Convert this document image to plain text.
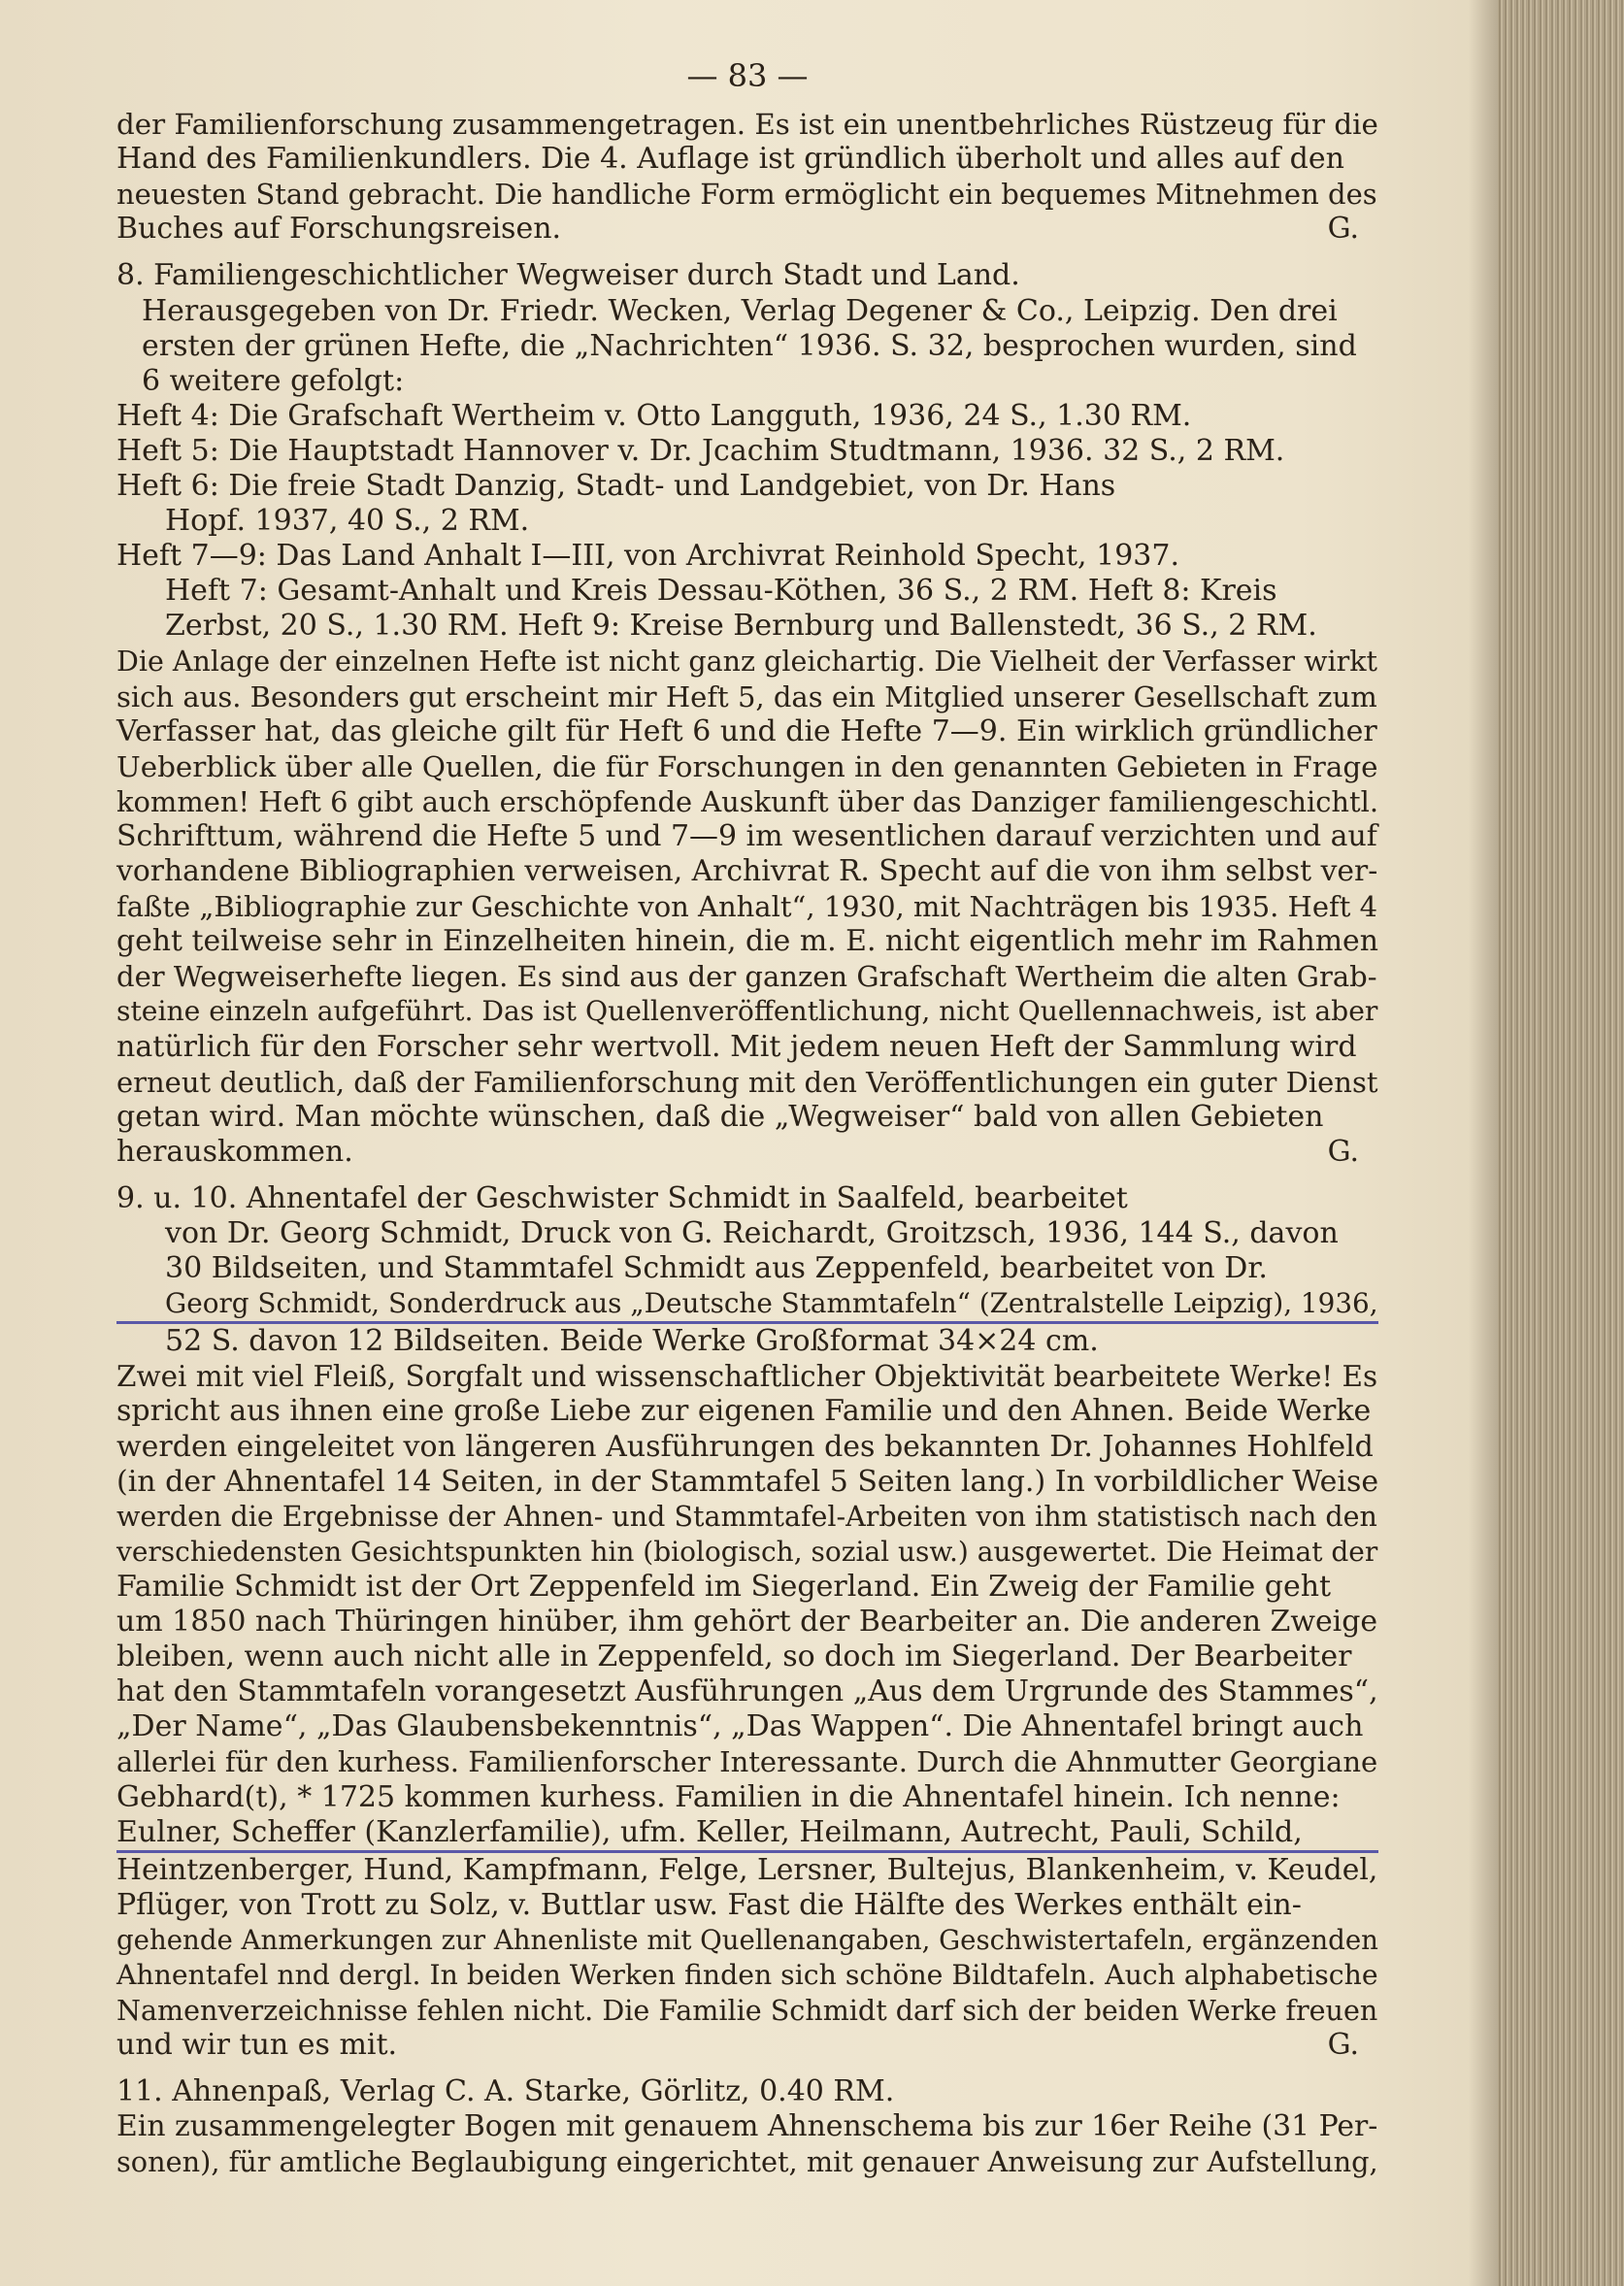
— 83 —
der Familienforschung zusammengetragen. Es ist ein unentbehrliches Rüstzeug für die
Hand des Familienkundlers. Die 4. Auflage ist gründlich überholt und alles auf den
neuesten Stand gebracht. Die handliche Form ermöglicht ein bequemes Mitnehmen des
Buches auf Forschungsreisen.	G.
8. Familiengeschichtlicher Wegweiser durch Stadt und Land.
Herausgegeben von Dr. Friedr. Wecken, Verlag Degener & Co., Leipzig. Den drei
ersten der grünen Hefte, die „Nachrichten“ 1936. S. 32, besprochen wurden, sind
6 weitere gefolgt:
Heft 4: Die Grafschaft Wertheim v. Otto Langguth, 1936, 24 S., 1.30 RM.
Heft 5: Die Hauptstadt Hannover v. Dr. Jcachim Studtmann, 1936. 32 S., 2 RM.
Heft 6: Die freie Stadt Danzig, Stadt- und Landgebiet, von Dr. Hans
Hopf. 1937, 40 S., 2 RM.
Heft 7—9: Das Land Anhalt I—III, von Archivrat Reinhold Specht, 1937.
Heft 7: Gesamt-Anhalt und Kreis Dessau-Köthen, 36 S., 2 RM. Heft 8: Kreis
Zerbst, 20 S., 1.30 RM. Heft 9: Kreise Bernburg und Ballenstedt, 36 S., 2 RM.
Die Anlage der einzelnen Hefte ist nicht ganz gleichartig. Die Vielheit der Verfasser wirkt
sich aus. Besonders gut erscheint mir Heft 5, das ein Mitglied unserer Gesellschaft zum
Verfasser hat, das gleiche gilt für Heft 6 und die Hefte 7—9. Ein wirklich gründlicher
Ueberblick über alle Quellen, die für Forschungen in den genannten Gebieten in Frage
kommen! Heft 6 gibt auch erschöpfende Auskunft über das Danziger familiengeschichtl.
Schrifttum, während die Hefte 5 und 7—9 im wesentlichen darauf verzichten und auf
vorhandene Bibliographien verweisen, Archivrat R. Specht auf die von ihm selbst ver-
faßte „Bibliographie zur Geschichte von Anhalt“, 1930, mit Nachträgen bis 1935. Heft 4
geht teilweise sehr in Einzelheiten hinein, die m. E. nicht eigentlich mehr im Rahmen
der Wegweiserhefte liegen. Es sind aus der ganzen Grafschaft Wertheim die alten Grab-
steine einzeln aufgeführt. Das ist Quellenveröffentlichung, nicht Quellennachweis, ist aber
natürlich für den Forscher sehr wertvoll. Mit jedem neuen Heft der Sammlung wird
erneut deutlich, daß der Familienforschung mit den Veröffentlichungen ein guter Dienst
getan wird. Man möchte wünschen, daß die „Wegweiser“ bald von allen Gebieten
herauskommen.	G.
9. u. 10. Ahnentafel der Geschwister Schmidt in Saalfeld, bearbeitet
von Dr. Georg Schmidt, Druck von G. Reichardt, Groitzsch, 1936, 144 S., davon
30 Bildseiten, und Stammtafel Schmidt aus Zeppenfeld, bearbeitet von Dr.
Georg Schmidt, Sonderdruck aus „Deutsche Stammtafeln“ (Zentralstelle Leipzig), 1936,
52 S. davon 12 Bildseiten. Beide Werke Großformat 34×24 cm.
Zwei mit viel Fleiß, Sorgfalt und wissenschaftlicher Objektivität bearbeitete Werke! Es
spricht aus ihnen eine große Liebe zur eigenen Familie und den Ahnen. Beide Werke
werden eingeleitet von längeren Ausführungen des bekannten Dr. Johannes Hohlfeld
(in der Ahnentafel 14 Seiten, in der Stammtafel 5 Seiten lang.) In vorbildlicher Weise
werden die Ergebnisse der Ahnen- und Stammtafel-Arbeiten von ihm statistisch nach den
verschiedensten Gesichtspunkten hin (biologisch, sozial usw.) ausgewertet. Die Heimat der
Familie Schmidt ist der Ort Zeppenfeld im Siegerland. Ein Zweig der Familie geht
um 1850 nach Thüringen hinüber, ihm gehört der Bearbeiter an. Die anderen Zweige
bleiben, wenn auch nicht alle in Zeppenfeld, so doch im Siegerland. Der Bearbeiter
hat den Stammtafeln vorangesetzt Ausführungen „Aus dem Urgrunde des Stammes“,
„Der Name“, „Das Glaubensbekenntnis“, „Das Wappen“. Die Ahnentafel bringt auch
allerlei für den kurhess. Familienforscher Interessante. Durch die Ahnmutter Georgiane
Gebhard(t), * 1725 kommen kurhess. Familien in die Ahnentafel hinein. Ich nenne:
Eulner, Scheffer (Kanzlerfamilie), ufm. Keller, Heilmann, Autrecht, Pauli, Schild,
Heintzenberger, Hund, Kampfmann, Felge, Lersner, Bultejus, Blankenheim, v. Keudel,
Pflüger, von Trott zu Solz, v. Buttlar usw. Fast die Hälfte des Werkes enthält ein-
gehende Anmerkungen zur Ahnenliste mit Quellenangaben, Geschwistertafeln, ergänzenden
Ahnentafel nnd dergl. In beiden Werken finden sich schöne Bildtafeln. Auch alphabetische
Namenverzeichnisse fehlen nicht. Die Familie Schmidt darf sich der beiden Werke freuen
und wir tun es mit.	G.
11. Ahnenpaß, Verlag C. A. Starke, Görlitz, 0.40 RM.
Ein zusammengelegter Bogen mit genauem Ahnenschema bis zur 16er Reihe (31 Per-
sonen), für amtliche Beglaubigung eingerichtet, mit genauer Anweisung zur Aufstellung,
